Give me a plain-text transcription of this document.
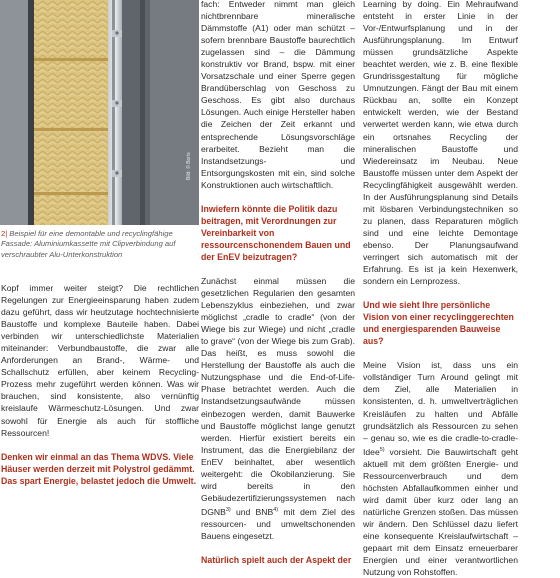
Bild: © Boris
2| Beispiel für eine demontable und recyclingfähige Fassade: Aluminiumkassette mit Clipverbindung auf verschraubter Alu-Unterkonstruktion

Kopf immer weiter steigt? Die rechtlichen Regelungen zur Energieeinsparung haben zudem dazu geführt, dass wir heutzutage hochtechnisierte Baustoffe und komplexe Bauteile haben. Dabei verbinden wir unterschiedlichste Materialien miteinander: Verbundbaustoffe, die zwar alle Anforderungen an Brand-, Wärme- und Schallschutz erfüllen, aber keinem Recycling-Prozess mehr zugeführt werden können. Was wir brauchen, sind konsistente, also vernünftig kreislaufe Wärmeschutz-Lösungen. Und zwar sowohl für Energie als auch für stoffliche Ressourcen!

Denken wir einmal an das Thema WDVS. Viele Häuser werden derzeit mit Polystrol gedämmt. Das spart Energie, belastet jedoch die Umwelt.

fach: Entweder nimmt man gleich nichtbrennbare mineralische Dämmstoffe (A1) oder man schützt – sofern brennbare Baustoffe baurechtlich zugelassen sind – die Dämmung konstruktiv vor Brand, bspw. mit einer Vorsatzschale und einer Sperre gegen Brandüberschlag von Geschoss zu Geschoss. Es gibt also durchaus Lösungen. Auch einige Hersteller haben die Zeichen der Zeit erkannt und entsprechende Lösungsvorschläge erarbeitet. Bezieht man die Instandsetzungs- und Entsorgungskosten mit ein, sind solche Konstruktionen auch wirtschaftlich.

Inwiefern könnte die Politik dazu beitragen, mit Verordnungen zur Vereinbarkeit von ressourcenschonendem Bauen und der EnEV beizutragen?

Zunächst einmal müssen die gesetzlichen Regularien den gesamten Lebenszyklus einbeziehen, und zwar möglichst „cradle to cradle“ (von der Wiege bis zur Wiege) und nicht „cradle to grave“ (von der Wiege bis zum Grab). Das heißt, es muss sowohl die Herstellung der Baustoffe als auch die Nutzungsphase und die End-of-Life-Phase betrachtet werden. Auch die Instandsetzungsaufwände müssen einbezogen werden, damit Bauwerke und Baustoffe möglichst lange genutzt werden. Hierfür existiert bereits ein Instrument, das die Energiebilanz der EnEV beinhaltet, aber wesentlich weitergeht: die Ökobilanzierung. Sie wird bereits in den Gebäudezertifizierungssystemen nach DGNB$^{3)}$ und BNB$^{4)}$ mit dem Ziel des ressourcen- und umweltschonenden Bauens eingesetzt.

Natürlich spielt auch der Aspekt der

Learning by doing. Ein Mehraufwand entsteht in erster Linie in der Vor-/Entwurfsplanung und in der Ausführungsplanung. Im Entwurf müssen grundsätzliche Aspekte beachtet werden, wie z. B. eine flexible Grundrissgestaltung für mögliche Umnutzungen. Fängt der Bau mit einem Rückbau an, sollte ein Konzept entwickelt werden, wie der Bestand verwertet werden kann, wie etwa durch ein ortsnahes Recycling der mineralischen Baustoffe und Wiedereinsatz im Neubau. Neue Baustoffe müssen unter dem Aspekt der Recyclingfähigkeit ausgewählt werden. In der Ausführungsplanung sind Details mit lösbaren Verbindungstechniken so zu planen, dass Reparaturen möglich sind und eine leichte Demontage ebenso. Der Planungsaufwand verringert sich automatisch mit der Erfahrung. Es ist ja kein Hexenwerk, sondern ein Lernprozess.

Und wie sieht Ihre persönliche Vision von einer recyclinggerechten und energiesparenden Bauweise aus?

Meine Vision ist, dass uns ein vollständiger Turn Around gelingt mit dem Ziel, alle Materialien in konsistenten, d. h. umweltverträglichen Kreisläufen zu halten und Abfälle grundsätzlich als Ressourcen zu sehen – genau so, wie es die cradle-to-cradle-Idee$^{5)}$ vorsieht. Die Bauwirtschaft geht aktuell mit dem größten Energie- und Ressourcenverbrauch und dem höchsten Abfallaufkommen einher und wird damit über kurz oder lang an natürliche Grenzen stoßen. Das müssen wir ändern. Den Schlüssel dazu liefert eine konsequente Kreislaufwirtschaft – gepaart mit dem Einsatz erneuerbarer Energien und einer verantwortlichen Nutzung von Rohstoffen.
